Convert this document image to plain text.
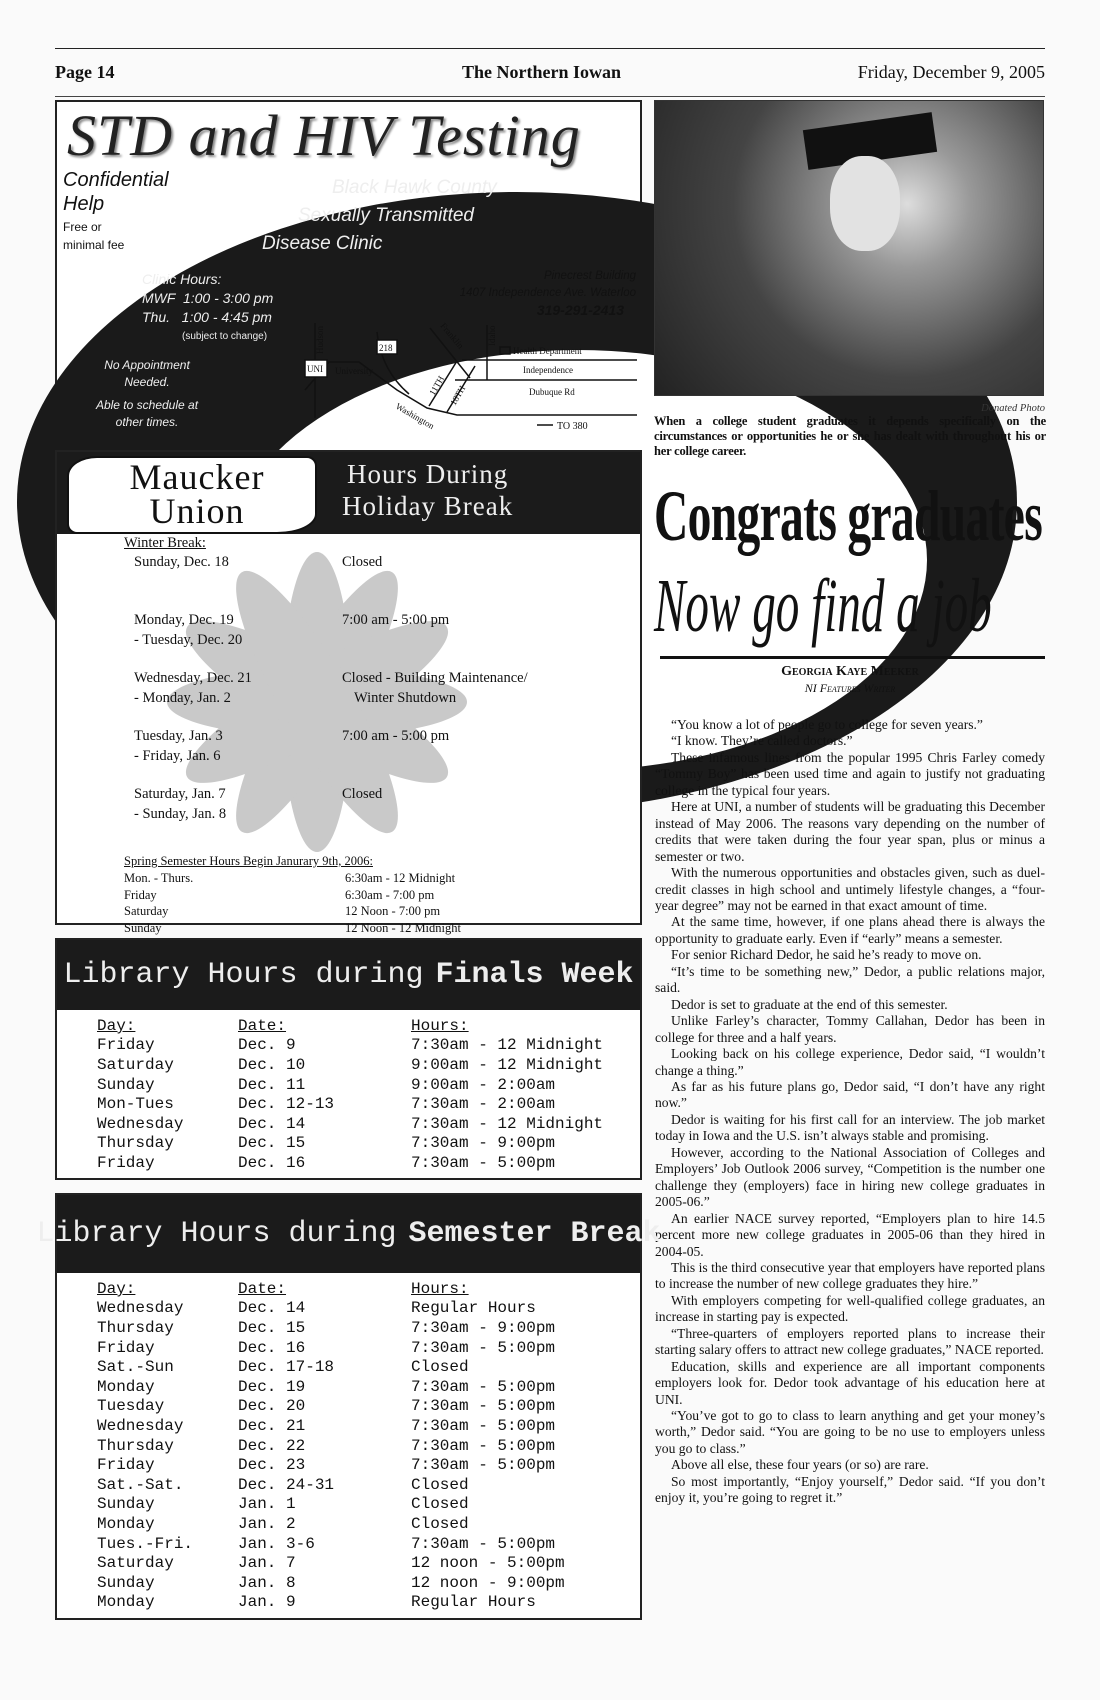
Page 14	The Northern Iowan	Friday, December 9, 2005
STD and HIV Testing
Confidential
Help
Free or
minimal fee
Black Hawk County
Sexually Transmitted
Disease Clinic
Clinic Hours:
MWF  1:00 - 3:00 pm
Thu.   1:00 - 4:45 pm
(subject to change)
No Appointment
Needed.
Able to schedule at
other times.
Pinecrest Building
1407 Independence Ave. Waterloo
319-291-2413
UNI University
218
Washington
Health Department
Independence
Dubuque Rd
TO 380
Hudson	Idaho
Franklin
11TH 18TH
Donated Photo
When a college student graduates it depends specifically on the circumstances or opportunities he or she has dealt with throughout his or her college career.
Congrats graduates
Now go find a job
Georgia Kaye Meeker
NI Features Writer

“You know a lot of people go to college for seven years.”

“I know. They’re called doctors.”

These infamous lines from the popular 1995 Chris Farley comedy “Tommy Boy” has been used time and again to justify not graduating college in the typical four years.

Here at UNI, a number of students will be graduating this December instead of May 2006. The reasons vary depending on the number of credits that were taken during the four year span, plus or minus a semester or two.

With the numerous opportunities and obstacles given, such as duel-credit classes in high school and untimely lifestyle changes, a “four-year degree” may not be earned in that exact amount of time.

At the same time, however, if one plans ahead there is always the opportunity to graduate early. Even if “early” means a semester.

For senior Richard Dedor, he said he’s ready to move on.

“It’s time to be something new,” Dedor, a public relations major, said.

Dedor is set to graduate at the end of this semester.

Unlike Farley’s character, Tommy Callahan, Dedor has been in college for three and a half years.

Looking back on his college experience, Dedor said, “I wouldn’t change a thing.”

As far as his future plans go, Dedor said, “I don’t have any right now.”

Dedor is waiting for his first call for an interview. The job market today in Iowa and the U.S. isn’t always stable and promising.

However, according to the National Association of Colleges and Employers’ Job Outlook 2006 survey, “Competition is the number one challenge they (employers) face in hiring new college graduates in 2005-06.”

An earlier NACE survey reported, “Employers plan to hire 14.5 percent more new college graduates in 2005-06 than they hired in 2004-05.

This is the third consecutive year that employers have reported plans to increase the number of new college graduates they hire.”

With employers competing for well-qualified college graduates, an increase in starting pay is expected.

“Three-quarters of employers reported plans to increase their starting salary offers to attract new college graduates,” NACE reported.

Education, skills and experience are all important components employers look for. Dedor took advantage of his education here at UNI.

“You’ve got to go to class to learn anything and get your money’s worth,” Dedor said. “You are going to be no use to employers unless you go to class.”

Above all else, these four years (or so) are rare.

So most importantly, “Enjoy yourself,” Dedor said. “If you don’t enjoy it, you’re going to regret it.”

Maucker
Union
Hours During
Holiday Break
Winter Break:
Sunday, Dec. 18	Closed
Monday, Dec. 19
- Tuesday, Dec. 20
7:00 am - 5:00 pm
Wednesday, Dec. 21
- Monday, Jan. 2
Closed - Building Maintenance/
Winter Shutdown
Tuesday, Jan. 3
- Friday, Jan. 6
7:00 am - 5:00 pm
Saturday, Jan. 7
- Sunday, Jan. 8
Closed
Spring Semester Hours Begin Janurary 9th, 2006:
Mon. - Thurs.	6:30am - 12 Midnight
Friday	6:30am - 7:00 pm
Saturday	12 Noon - 7:00 pm
Sunday	12 Noon - 12 Midnight
Library Hours during Finals Week
Day:	Date:	Hours:
Friday	Dec. 9	7:30am - 12 Midnight
Saturday	Dec. 10	9:00am - 12 Midnight
Sunday	Dec. 11	9:00am - 2:00am
Mon-Tues	Dec. 12-13	7:30am - 2:00am
Wednesday	Dec. 14	7:30am - 12 Midnight
Thursday	Dec. 15	7:30am - 9:00pm
Friday	Dec. 16	7:30am - 5:00pm
Library Hours during Semester Break
Day:	Date:	Hours:
Wednesday	Dec. 14	Regular Hours
Thursday	Dec. 15	7:30am - 9:00pm
Friday	Dec. 16	7:30am - 5:00pm
Sat.-Sun	Dec. 17-18	Closed
Monday	Dec. 19	7:30am - 5:00pm
Tuesday	Dec. 20	7:30am - 5:00pm
Wednesday	Dec. 21	7:30am - 5:00pm
Thursday	Dec. 22	7:30am - 5:00pm
Friday	Dec. 23	7:30am - 5:00pm
Sat.-Sat.	Dec. 24-31	Closed
Sunday	Jan. 1	Closed
Monday	Jan. 2	Closed
Tues.-Fri.	Jan. 3-6	7:30am - 5:00pm
Saturday	Jan. 7	12 noon - 5:00pm
Sunday	Jan. 8	12 noon - 9:00pm
Monday	Jan. 9	Regular Hours
